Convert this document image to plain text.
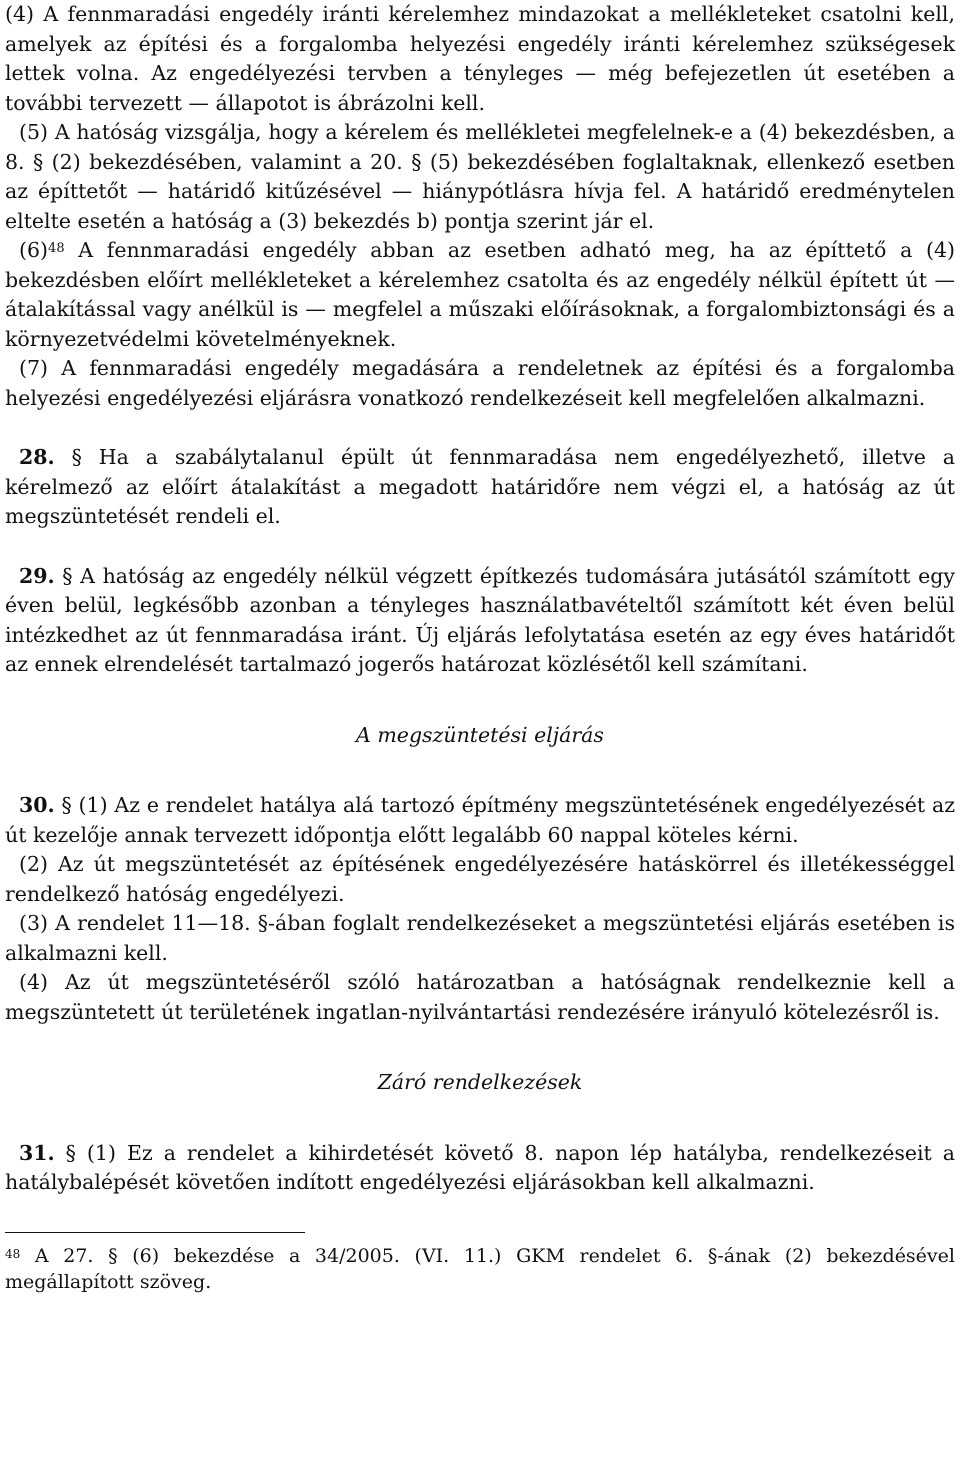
(4) A fennmaradási engedély iránti kérelemhez mindazokat a mellékleteket csatolni kell, amelyek az építési és a forgalomba helyezési engedély iránti kérelemhez szükségesek lettek volna. Az engedélyezési tervben a tényleges — még befejezetlen út esetében a további tervezett — állapotot is ábrázolni kell.

(5) A hatóság vizsgálja, hogy a kérelem és mellékletei megfelelnek-e a (4) bekezdésben, a 8. § (2) bekezdésében, valamint a 20. § (5) bekezdésében foglaltaknak, ellenkező esetben az építtetőt — határidő kitűzésével — hiánypótlásra hívja fel. A határidő eredménytelen eltelte esetén a hatóság a (3) bekezdés b) pontja szerint jár el.

$(6)^{48}$ A fennmaradási engedély abban az esetben adható meg, ha az építtető a (4) bekezdésben előírt mellékleteket a kérelemhez csatolta és az engedély nélkül épített út — átalakítással vagy anélkül is — megfelel a műszaki előírásoknak, a forgalombiztonsági és a környezetvédelmi követelményeknek.

(7) A fennmaradási engedély megadására a rendeletnek az építési és a forgalomba helyezési engedélyezési eljárásra vonatkozó rendelkezéseit kell megfelelően alkalmazni.

28. § Ha a szabálytalanul épült út fennmaradása nem engedélyezhető, illetve a kérelmező az előírt átalakítást a megadott határidőre nem végzi el, a hatóság az út megszüntetését rendeli el.

29. § A hatóság az engedély nélkül végzett építkezés tudomására jutásától számított egy éven belül, legkésőbb azonban a tényleges használatbavételtől számított két éven belül intézkedhet az út fennmaradása iránt. Új eljárás lefolytatása esetén az egy éves határidőt az ennek elrendelését tartalmazó jogerős határozat közlésétől kell számítani.

A megszüntetési eljárás

30. § (1) Az e rendelet hatálya alá tartozó építmény megszüntetésének engedélyezését az út kezelője annak tervezett időpontja előtt legalább 60 nappal köteles kérni.

(2) Az út megszüntetését az építésének engedélyezésére hatáskörrel és illetékességgel rendelkező hatóság engedélyezi.

(3) A rendelet 11—18. §-ában foglalt rendelkezéseket a megszüntetési eljárás esetében is alkalmazni kell.

(4) Az út megszüntetéséről szóló határozatban a hatóságnak rendelkeznie kell a megszüntetett út területének ingatlan-nyilvántartási rendezésére irányuló kötelezésről is.

Záró rendelkezések

31. § (1) Ez a rendelet a kihirdetését követő 8. napon lép hatályba, rendelkezéseit a hatálybalépését követően indított engedélyezési eljárásokban kell alkalmazni.

$^{48}$ A 27. § (6) bekezdése a 34/2005. (VI. 11.) GKM rendelet 6. §-ának (2) bekezdésével megállapított szöveg.
